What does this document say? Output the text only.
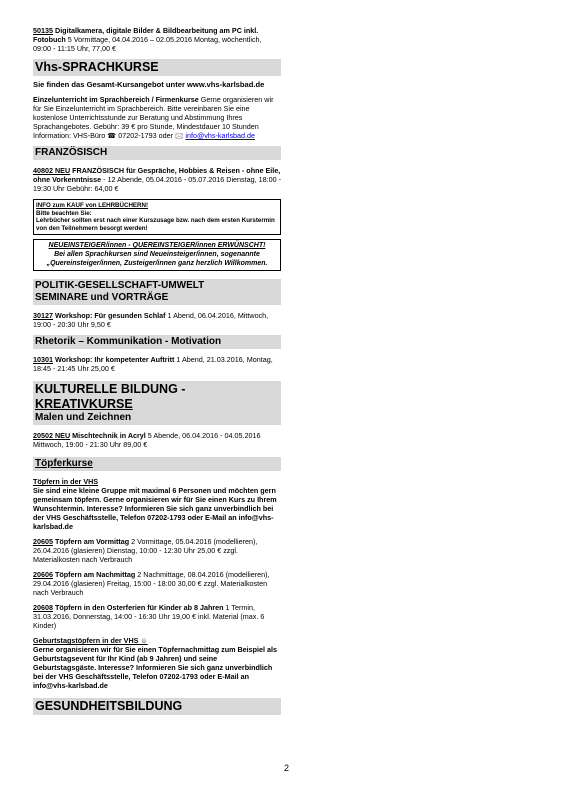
50135 Digitalkamera, digitale Bilder & Bildbearbeitung am PC inkl. Fotobuch 5 Vormittage, 04.04.2016 – 02.05.2016 Montag, wöchentlich, 09:00 - 11:15 Uhr, 77,00 €

Vhs-SPRACHKURSE

Sie finden das Gesamt-Kursangebot unter www.vhs-karlsbad.de

Einzelunterricht im Sprachbereich / Firmenkurse Gerne organisieren wir für Sie Einzelunterricht im Sprachbereich. Bitte vereinbaren Sie eine kostenlose Unterrichtsstunde zur Beratung und Abstimmung Ihres Sprachangebotes. Gebühr: 39 € pro Stunde, Mindestdauer 10 Stunden Information: VHS-Büro ☎ 07202-1793 oder 🖂 info@vhs-karlsbad.de

FRANZÖSISCH

40802 NEU FRANZÖSISCH für Gespräche, Hobbies & Reisen - ohne Eile, ohne Vorkenntnisse - 12 Abende, 05.04.2016 - 05.07.2016 Dienstag, 18:00 - 19:30 Uhr Gebühr: 64,00 €

INFO zum KAUF von LEHRBÜCHERN!
Bitte beachten Sie:
Lehrbücher sollten erst nach einer Kurszusage bzw. nach dem ersten Kurstermin von den Teilnehmern besorgt werden!
NEUEINSTEIGER/innen - QUEREINSTEIGER/innen ERWÜNSCHT!
Bei allen Sprachkursen sind Neueinsteiger/innen, sogenannte „Quereinsteiger/innen, Zusteiger/innen ganz herzlich Willkommen.
POLITIK-GESELLSCHAFT-UMWELT
SEMINARE und VORTRÄGE

30127 Workshop: Für gesunden Schlaf 1 Abend, 06.04.2016, Mittwoch, 19:00 - 20:30 Uhr 9,50 €

Rhetorik – Kommunikation - Motivation

10301 Workshop: Ihr kompetenter Auftritt 1 Abend, 21.03.2016, Montag, 18:45 - 21:45 Uhr 25,00 €

KULTURELLE BILDUNG - KREATIVKURSE
Malen und Zeichnen

20502 NEU Mischtechnik in Acryl 5 Abende, 06.04.2016 - 04.05.2016 Mittwoch, 19:00 - 21:30 Uhr 89,00 €

Töpferkurse

Töpfern in der VHS

Sie sind eine kleine Gruppe mit maximal 6 Personen und möchten gern gemeinsam töpfern. Gerne organisieren wir für Sie einen Kurs zu Ihrem Wunschtermin. Interesse? Informieren Sie sich ganz unverbindlich bei der VHS Geschäftsstelle, Telefon 07202-1793 oder E-Mail an info@vhs-karlsbad.de

20605 Töpfern am Vormittag 2 Vormittage, 05.04.2016 (modellieren), 26.04.2016 (glasieren) Dienstag, 10:00 - 12:30 Uhr 25,00 € zzgl. Materialkosten nach Verbrauch

20606 Töpfern am Nachmittag 2 Nachmittage, 08.04.2016 (modellieren), 29.04.2016 (glasieren) Freitag, 15:00 - 18:00 30,00 € zzgl. Materialkosten nach Verbrauch

20608 Töpfern in den Osterferien für Kinder ab 8 Jahren 1 Termin, 31.03.2016, Donnerstag, 14:00 - 16:30 Uhr 19,00 € inkl. Material (max. 6 Kinder)

Geburtstagstöpfern in der VHS ☺

Gerne organisieren wir für Sie einen Töpfernachmittag zum Beispiel als Geburtstagsevent für Ihr Kind (ab 9 Jahren) und seine Geburtstagsgäste. Interesse? Informieren Sie sich ganz unverbindlich bei der VHS Geschäftsstelle, Telefon 07202-1793 oder E-Mail an info@vhs-karlsbad.de

GESUNDHEITSBILDUNG

2
